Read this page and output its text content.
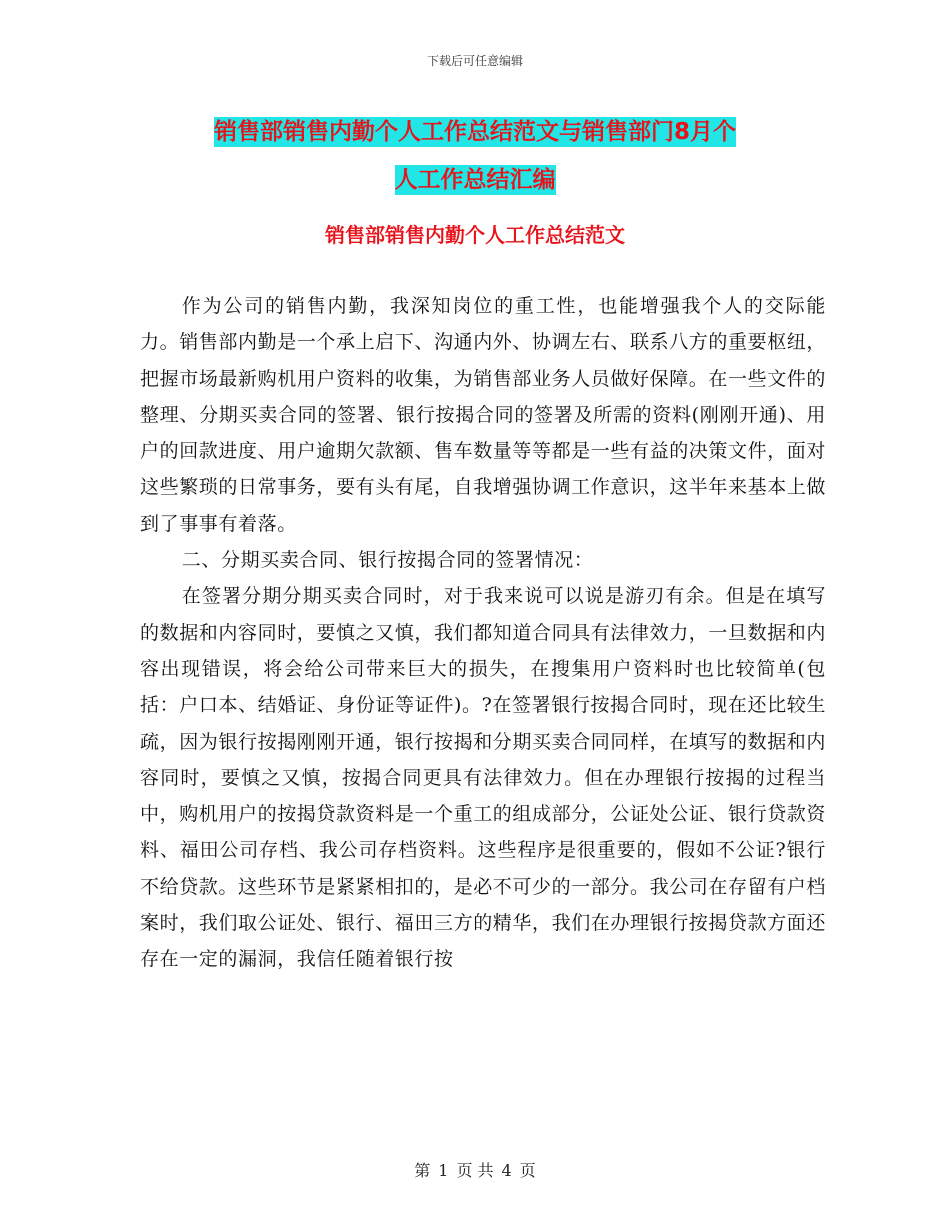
下载后可任意编辑
销售部销售内勤个人工作总结范文与销售部门8月个
人工作总结汇编
销售部销售内勤个人工作总结范文

作为公司的销售内勤，我深知岗位的重工性，也能增强我个人的交际能力。销售部内勤是一个承上启下、沟通内外、协调左右、联系八方的重要枢纽，把握市场最新购机用户资料的收集，为销售部业务人员做好保障。在一些文件的整理、分期买卖合同的签署、银行按揭合同的签署及所需的资料(刚刚开通)、用户的回款进度、用户逾期欠款额、售车数量等等都是一些有益的决策文件，面对这些繁琐的日常事务，要有头有尾，自我增强协调工作意识，这半年来基本上做到了事事有着落。

二、分期买卖合同、银行按揭合同的签署情况：

在签署分期分期买卖合同时，对于我来说可以说是游刃有余。但是在填写的数据和内容同时，要慎之又慎，我们都知道合同具有法律效力，一旦数据和内容出现错误，将会给公司带来巨大的损失，在搜集用户资料时也比较简单(包括：户口本、结婚证、身份证等证件)。?在签署银行按揭合同时，现在还比较生疏，因为银行按揭刚刚开通，银行按揭和分期买卖合同同样，在填写的数据和内容同时，要慎之又慎，按揭合同更具有法律效力。但在办理银行按揭的过程当中，购机用户的按揭贷款资料是一个重工的组成部分，公证处公证、银行贷款资料、福田公司存档、我公司存档资料。这些程序是很重要的，假如不公证?银行不给贷款。这些环节是紧紧相扣的，是必不可少的一部分。我公司在存留有户档案时，我们取公证处、银行、福田三方的精华，我们在办理银行按揭贷款方面还存在一定的漏洞，我信任随着银行按

第 1 页 共 4 页
